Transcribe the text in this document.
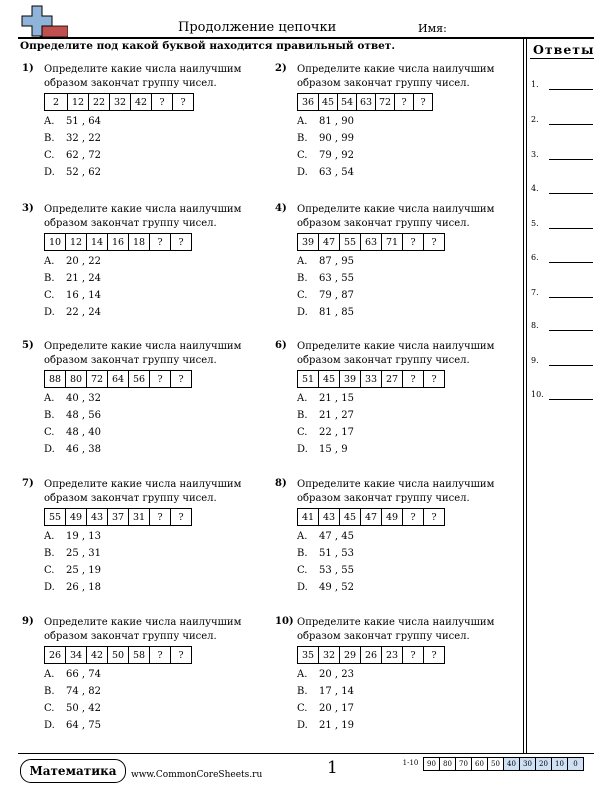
Продолжение цепочки	Имя:
Определите под какой буквой находится правильный ответ.	Ответы
1.
2.
3.
4.
5.
6.
7.
8.
9.
10.
1) Определите какие числа наилучшим образом закончат группу чисел.
2	12 22 32 42	?	?
A.	51 , 64
B.	32 , 22
C.	62 , 72
D.	52 , 62
2) Определите какие числа наилучшим образом закончат группу чисел.
36 45 54 63 72	?	?
A.	81 , 90
B.	90 , 99
C.	79 , 92
D.	63 , 54
3) Определите какие числа наилучшим образом закончат группу чисел.
10 12 14 16 18	?	?
A.	20 , 22
B.	21 , 24
C.	16 , 14
D.	22 , 24
4) Определите какие числа наилучшим образом закончат группу чисел.
39 47 55 63 71	?	?
A.	87 , 95
B.	63 , 55
C.	79 , 87
D.	81 , 85
5) Определите какие числа наилучшим образом закончат группу чисел.
88 80 72 64 56	?	?
A.	40 , 32
B.	48 , 56
C.	48 , 40
D.	46 , 38
6) Определите какие числа наилучшим образом закончат группу чисел.
51 45 39 33 27	?	?
A.	21 , 15
B.	21 , 27
C.	22 , 17
D.	15 , 9
7) Определите какие числа наилучшим образом закончат группу чисел.
55 49 43 37 31	?	?
A.	19 , 13
B.	25 , 31
C.	25 , 19
D.	26 , 18
8) Определите какие числа наилучшим образом закончат группу чисел.
41 43 45 47 49	?	?
A.	47 , 45
B.	51 , 53
C.	53 , 55
D.	49 , 52
9) Определите какие числа наилучшим образом закончат группу чисел.
26 34 42 50 58	?	?
A.	66 , 74
B.	74 , 82
C.	50 , 42
D.	64 , 75
10) Определите какие числа наилучшим образом закончат группу чисел.
35 32 29 26 23	?	?
A.	20 , 23
B.	17 , 14
C.	20 , 17
D.	21 , 19
Математика	www.CommonCoreSheets.ru	1	1-10	90	80	70	60	50	40	30	20	10	0
